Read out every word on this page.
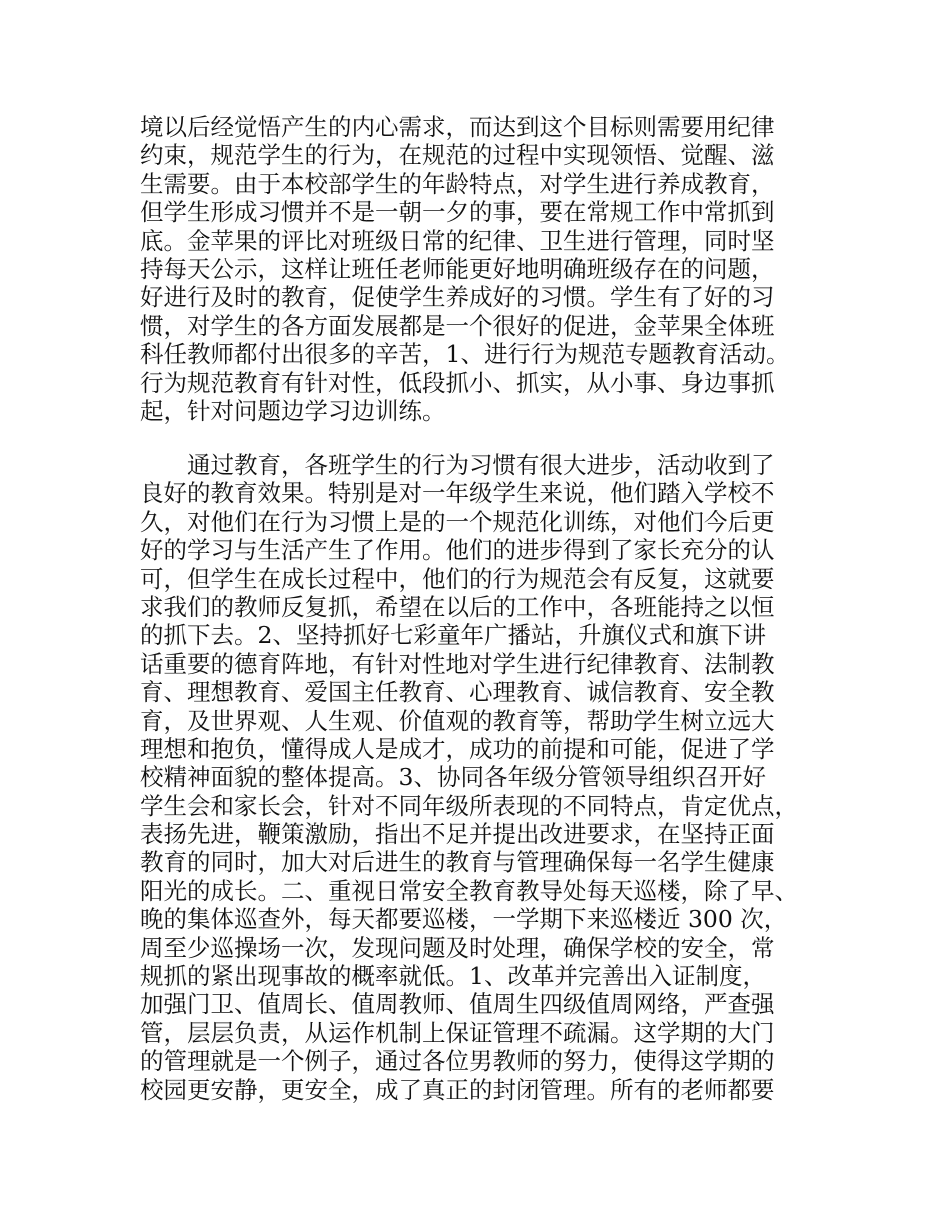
境以后经觉悟产生的内心需求，而达到这个目标则需要用纪律
约束，规范学生的行为，在规范的过程中实现领悟、觉醒、滋
生需要。由于本校部学生的年龄特点，对学生进行养成教育，
但学生形成习惯并不是一朝一夕的事，要在常规工作中常抓到
底。金苹果的评比对班级日常的纪律、卫生进行管理，同时坚
持每天公示，这样让班任老师能更好地明确班级存在的问题，
好进行及时的教育，促使学生养成好的习惯。学生有了好的习
惯，对学生的各方面发展都是一个很好的促进，金苹果全体班
科任教师都付出很多的辛苦，1、进行行为规范专题教育活动。
行为规范教育有针对性，低段抓小、抓实，从小事、身边事抓
起，针对问题边学习边训练。
通过教育，各班学生的行为习惯有很大进步，活动收到了
良好的教育效果。特别是对一年级学生来说，他们踏入学校不
久，对他们在行为习惯上是的一个规范化训练，对他们今后更
好的学习与生活产生了作用。他们的进步得到了家长充分的认
可，但学生在成长过程中，他们的行为规范会有反复，这就要
求我们的教师反复抓，希望在以后的工作中，各班能持之以恒
的抓下去。2、坚持抓好七彩童年广播站，升旗仪式和旗下讲
话重要的德育阵地，有针对性地对学生进行纪律教育、法制教
育、理想教育、爱国主任教育、心理教育、诚信教育、安全教
育，及世界观、人生观、价值观的教育等，帮助学生树立远大
理想和抱负，懂得成人是成才，成功的前提和可能，促进了学
校精神面貌的整体提高。3、协同各年级分管领导组织召开好
学生会和家长会，针对不同年级所表现的不同特点，肯定优点，
表扬先进，鞭策激励，指出不足并提出改进要求，在坚持正面
教育的同时，加大对后进生的教育与管理确保每一名学生健康
阳光的成长。二、重视日常安全教育教导处每天巡楼，除了早、
晚的集体巡查外，每天都要巡楼，一学期下来巡楼近 300 次，
周至少巡操场一次，发现问题及时处理，确保学校的安全，常
规抓的紧出现事故的概率就低。1、改革并完善出入证制度，
加强门卫、值周长、值周教师、值周生四级值周网络，严查强
管，层层负责，从运作机制上保证管理不疏漏。这学期的大门
的管理就是一个例子，通过各位男教师的努力，使得这学期的
校园更安静，更安全，成了真正的封闭管理。所有的老师都要
